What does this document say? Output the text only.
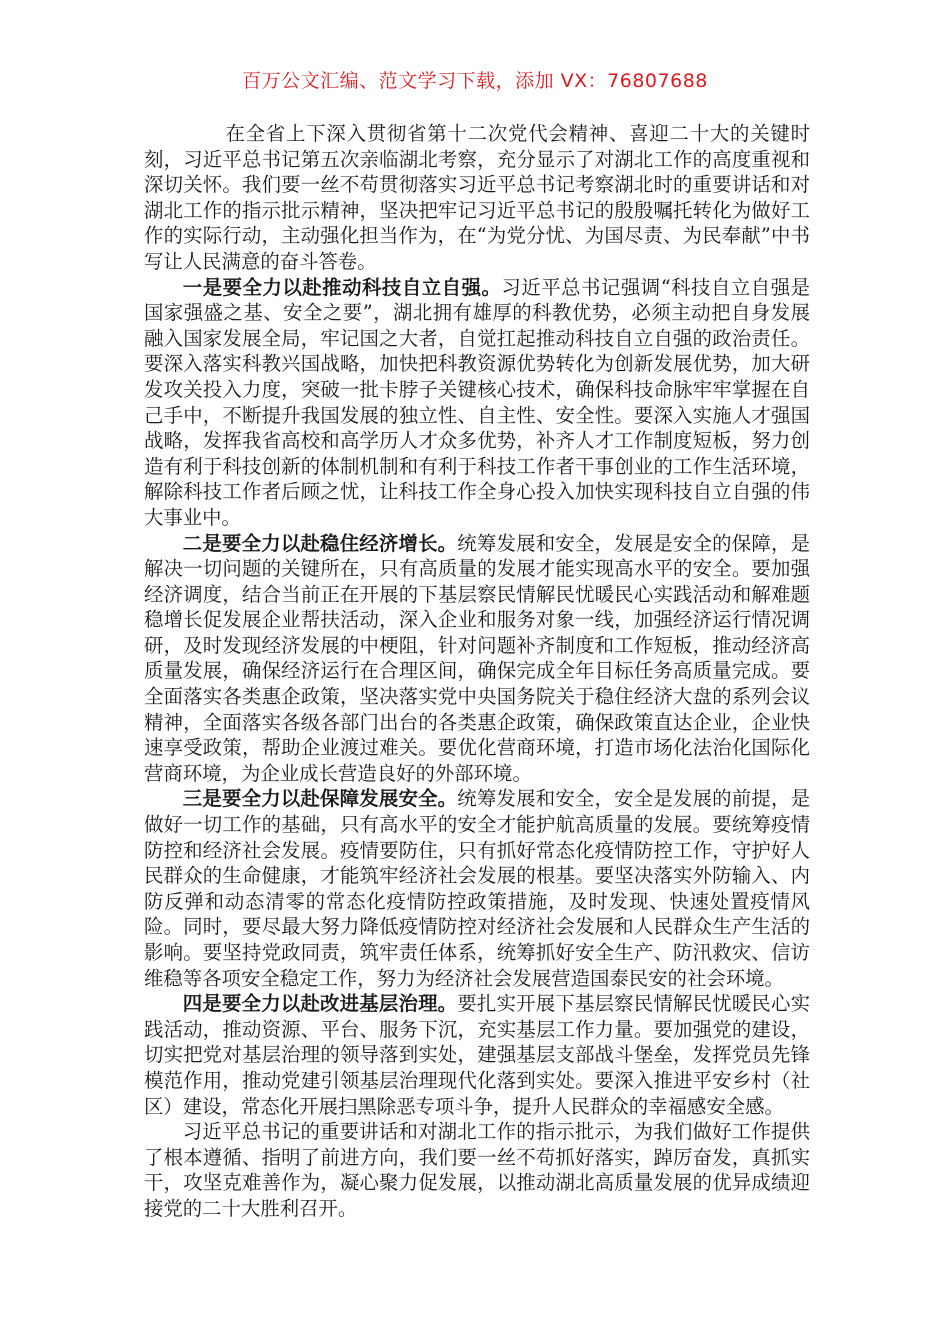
百万公文汇编、范文学习下载，添加 VX：76807688

在全省上下深入贯彻省第十二次党代会精神、喜迎二十大的关键时刻，习近平总书记第五次亲临湖北考察，充分显示了对湖北工作的高度重视和深切关怀。我们要一丝不苟贯彻落实习近平总书记考察湖北时的重要讲话和对湖北工作的指示批示精神，坚决把牢记习近平总书记的殷殷嘱托转化为做好工作的实际行动，主动强化担当作为，在“为党分忧、为国尽责、为民奉献”中书写让人民满意的奋斗答卷。

一是要全力以赴推动科技自立自强。习近平总书记强调“科技自立自强是国家强盛之基、安全之要”，湖北拥有雄厚的科教优势，必须主动把自身发展融入国家发展全局，牢记国之大者，自觉扛起推动科技自立自强的政治责任。要深入落实科教兴国战略，加快把科教资源优势转化为创新发展优势，加大研发攻关投入力度，突破一批卡脖子关键核心技术，确保科技命脉牢牢掌握在自己手中，不断提升我国发展的独立性、自主性、安全性。要深入实施人才强国战略，发挥我省高校和高学历人才众多优势，补齐人才工作制度短板，努力创造有利于科技创新的体制机制和有利于科技工作者干事创业的工作生活环境，解除科技工作者后顾之忧，让科技工作全身心投入加快实现科技自立自强的伟大事业中。

二是要全力以赴稳住经济增长。统筹发展和安全，发展是安全的保障，是解决一切问题的关键所在，只有高质量的发展才能实现高水平的安全。要加强经济调度，结合当前正在开展的下基层察民情解民忧暖民心实践活动和解难题稳增长促发展企业帮扶活动，深入企业和服务对象一线，加强经济运行情况调研，及时发现经济发展的中梗阻，针对问题补齐制度和工作短板，推动经济高质量发展，确保经济运行在合理区间，确保完成全年目标任务高质量完成。要全面落实各类惠企政策，坚决落实党中央国务院关于稳住经济大盘的系列会议精神，全面落实各级各部门出台的各类惠企政策，确保政策直达企业，企业快速享受政策，帮助企业渡过难关。要优化营商环境，打造市场化法治化国际化营商环境，为企业成长营造良好的外部环境。

三是要全力以赴保障发展安全。统筹发展和安全，安全是发展的前提，是做好一切工作的基础，只有高水平的安全才能护航高质量的发展。要统筹疫情防控和经济社会发展。疫情要防住，只有抓好常态化疫情防控工作，守护好人民群众的生命健康，才能筑牢经济社会发展的根基。要坚决落实外防输入、内防反弹和动态清零的常态化疫情防控政策措施，及时发现、快速处置疫情风险。同时，要尽最大努力降低疫情防控对经济社会发展和人民群众生产生活的影响。要坚持党政同责，筑牢责任体系，统筹抓好安全生产、防汛救灾、信访维稳等各项安全稳定工作，努力为经济社会发展营造国泰民安的社会环境。

四是要全力以赴改进基层治理。要扎实开展下基层察民情解民忧暖民心实践活动，推动资源、平台、服务下沉，充实基层工作力量。要加强党的建设，切实把党对基层治理的领导落到实处，建强基层支部战斗堡垒，发挥党员先锋模范作用，推动党建引领基层治理现代化落到实处。要深入推进平安乡村（社区）建设，常态化开展扫黑除恶专项斗争，提升人民群众的幸福感安全感。

习近平总书记的重要讲话和对湖北工作的指示批示，为我们做好工作提供了根本遵循、指明了前进方向，我们要一丝不苟抓好落实，踔厉奋发，真抓实干，攻坚克难善作为，凝心聚力促发展，以推动湖北高质量发展的优异成绩迎接党的二十大胜利召开。
